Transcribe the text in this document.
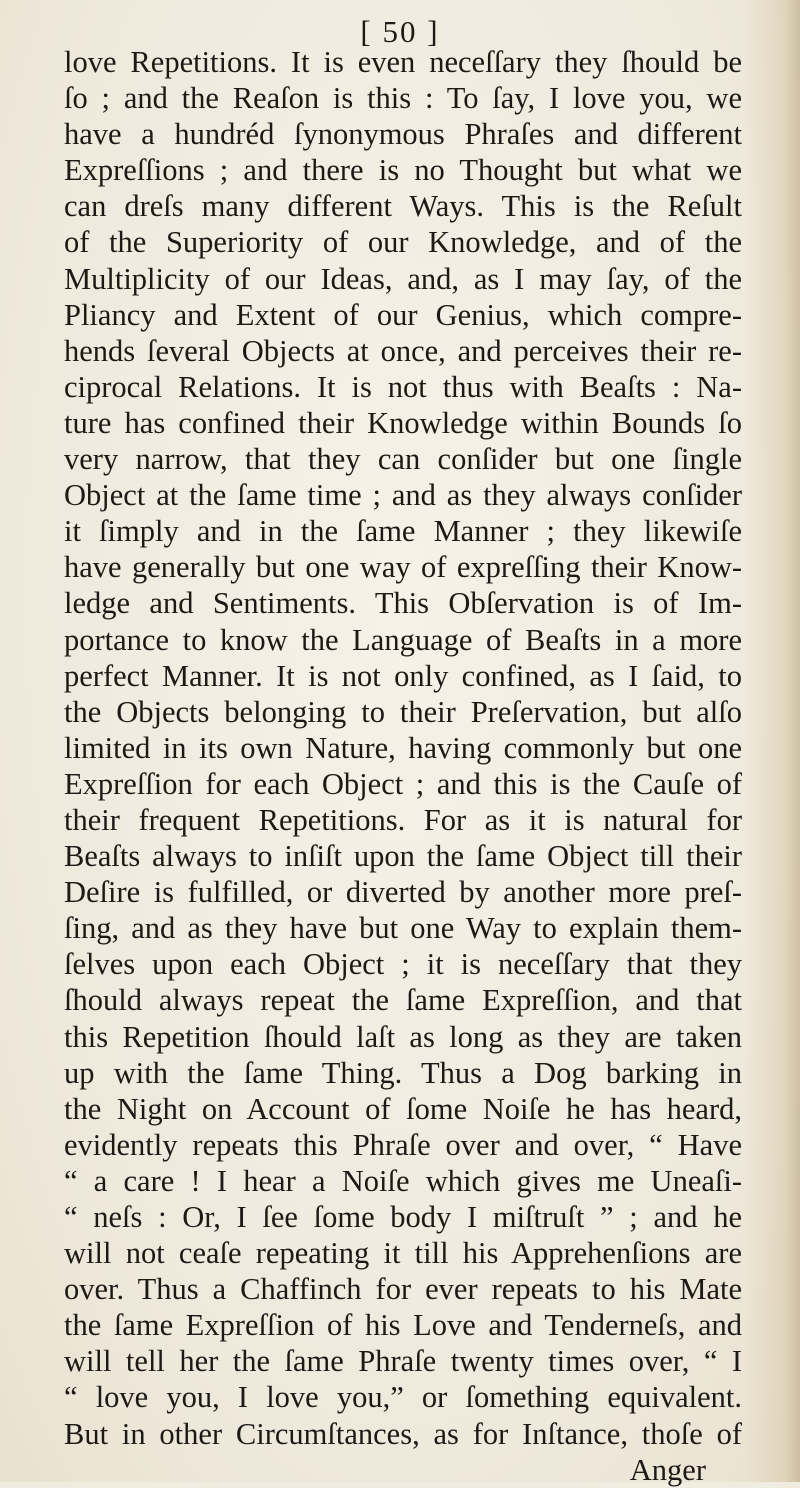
[ 50 ]
love Repetitions. It is even neceſſary they ſhould be
ſo ; and the Reaſon is this : To ſay, I love you, we
have a hundréd ſynonymous Phraſes and different
Expreſſions ; and there is no Thought but what we
can dreſs many different Ways. This is the Reſult
of the Superiority of our Knowledge, and of the
Multiplicity of our Ideas, and, as I may ſay, of the
Pliancy and Extent of our Genius, which compre-
hends ſeveral Objects at once, and perceives their re-
ciprocal Relations. It is not thus with Beaſts : Na-
ture has confined their Knowledge within Bounds ſo
very narrow, that they can conſider but one ſingle
Object at the ſame time ; and as they always conſider
it ſimply and in the ſame Manner ; they likewiſe
have generally but one way of expreſſing their Know-
ledge and Sentiments. This Obſervation is of Im-
portance to know the Language of Beaſts in a more
perfect Manner. It is not only confined, as I ſaid, to
the Objects belonging to their Preſervation, but alſo
limited in its own Nature, having commonly but one
Expreſſion for each Object ; and this is the Cauſe of
their frequent Repetitions. For as it is natural for
Beaſts always to inſiſt upon the ſame Object till their
Deſire is fulfilled, or diverted by another more preſ-
ſing, and as they have but one Way to explain them-
ſelves upon each Object ; it is neceſſary that they
ſhould always repeat the ſame Expreſſion, and that
this Repetition ſhould laſt as long as they are taken
up with the ſame Thing. Thus a Dog barking in
the Night on Account of ſome Noiſe he has heard,
evidently repeats this Phraſe over and over, “ Have
“ a care ! I hear a Noiſe which gives me Uneaſi-
“ neſs : Or, I ſee ſome body I miſtruſt ” ; and he
will not ceaſe repeating it till his Apprehenſions are
over. Thus a Chaffinch for ever repeats to his Mate
the ſame Expreſſion of his Love and Tenderneſs, and
will tell her the ſame Phraſe twenty times over, “ I
“ love you, I love you,” or ſomething equivalent.
But in other Circumſtances, as for Inſtance, thoſe of
Anger
